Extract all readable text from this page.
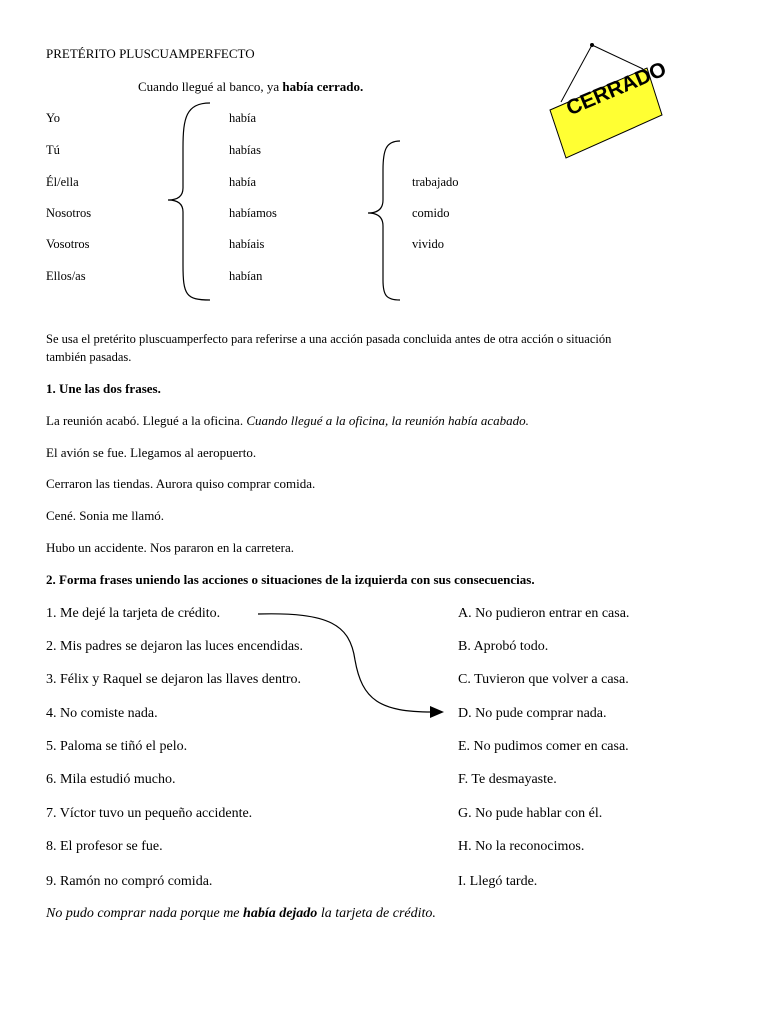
PRETÉRITO PLUSCUAMPERFECTO
Cuando llegué al banco, ya había cerrado.	CERRADO
Yo
Tú
Él/ella
Nosotros
Vosotros
Ellos/as
había
habías
había
habíamos
habíais
habían
trabajado
comido
vivido
Se usa el pretérito pluscuamperfecto para referirse a una acción pasada concluida antes de otra acción o situación
también pasadas.
1. Une las dos frases.
La reunión acabó. Llegué a la oficina. Cuando llegué a la oficina, la reunión había acabado.
El avión se fue. Llegamos al aeropuerto.
Cerraron las tiendas. Aurora quiso comprar comida.
Cené. Sonia me llamó.
Hubo un accidente. Nos pararon en la carretera.
2. Forma frases uniendo las acciones o situaciones de la izquierda con sus consecuencias.
1. Me dejé la tarjeta de crédito.
2. Mis padres se dejaron las luces encendidas.
3. Félix y Raquel se dejaron las llaves dentro.
4. No comiste nada.
5. Paloma se tiñó el pelo.
6. Mila estudió mucho.
7. Víctor tuvo un pequeño accidente.
8. El profesor se fue.
9. Ramón no compró comida.
A. No pudieron entrar en casa.
B. Aprobó todo.
C. Tuvieron que volver a casa.
D. No pude comprar nada.
E. No pudimos comer en casa.
F. Te desmayaste.
G. No pude hablar con él.
H. No la reconocimos.
I. Llegó tarde.
No pudo comprar nada porque me había dejado la tarjeta de crédito.
